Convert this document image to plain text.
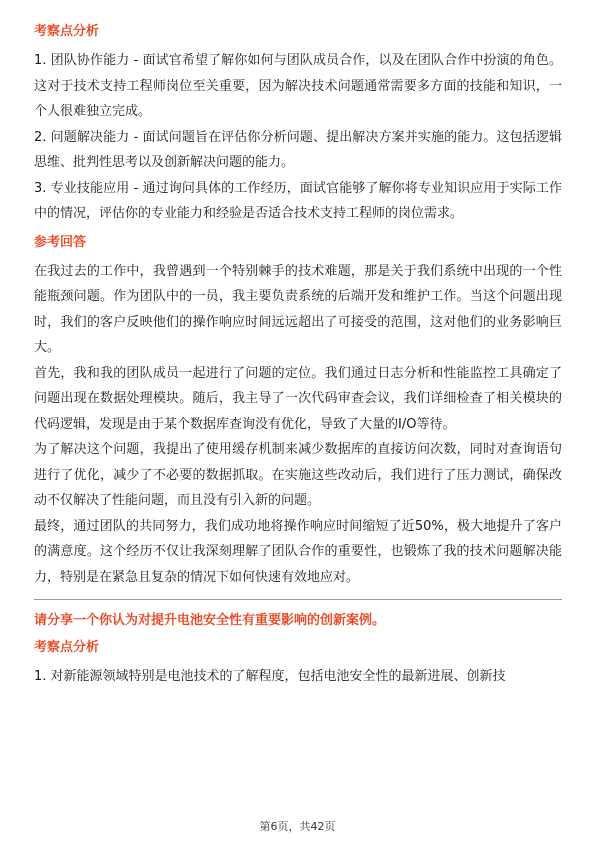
考察点分析

1. 团队协作能力 - 面试官希望了解你如何与团队成员合作，以及在团队合作中扮演的角色。这对于技术支持工程师岗位至关重要，因为解决技术问题通常需要多方面的技能和知识，一个人很难独立完成。

2. 问题解决能力 - 面试问题旨在评估你分析问题、提出解决方案并实施的能力。这包括逻辑思维、批判性思考以及创新解决问题的能力。

3. 专业技能应用 - 通过询问具体的工作经历，面试官能够了解你将专业知识应用于实际工作中的情况，评估你的专业能力和经验是否适合技术支持工程师的岗位需求。

参考回答

在我过去的工作中，我曾遇到一个特别棘手的技术难题，那是关于我们系统中出现的一个性能瓶颈问题。作为团队中的一员，我主要负责系统的后端开发和维护工作。当这个问题出现时，我们的客户反映他们的操作响应时间远远超出了可接受的范围，这对他们的业务影响巨大。

首先，我和我的团队成员一起进行了问题的定位。我们通过日志分析和性能监控工具确定了问题出现在数据处理模块。随后，我主导了一次代码审查会议，我们详细检查了相关模块的代码逻辑，发现是由于某个数据库查询没有优化，导致了大量的I/O等待。

为了解决这个问题，我提出了使用缓存机制来减少数据库的直接访问次数，同时对查询语句进行了优化，减少了不必要的数据抓取。在实施这些改动后，我们进行了压力测试，确保改动不仅解决了性能问题，而且没有引入新的问题。

最终，通过团队的共同努力，我们成功地将操作响应时间缩短了近50%，极大地提升了客户的满意度。这个经历不仅让我深刻理解了团队合作的重要性，也锻炼了我的技术问题解决能力，特别是在紧急且复杂的情况下如何快速有效地应对。

请分享一个你认为对提升电池安全性有重要影响的创新案例。
考察点分析

1. 对新能源领域特别是电池技术的了解程度，包括电池安全性的最新进展、创新技

第6页，共42页
